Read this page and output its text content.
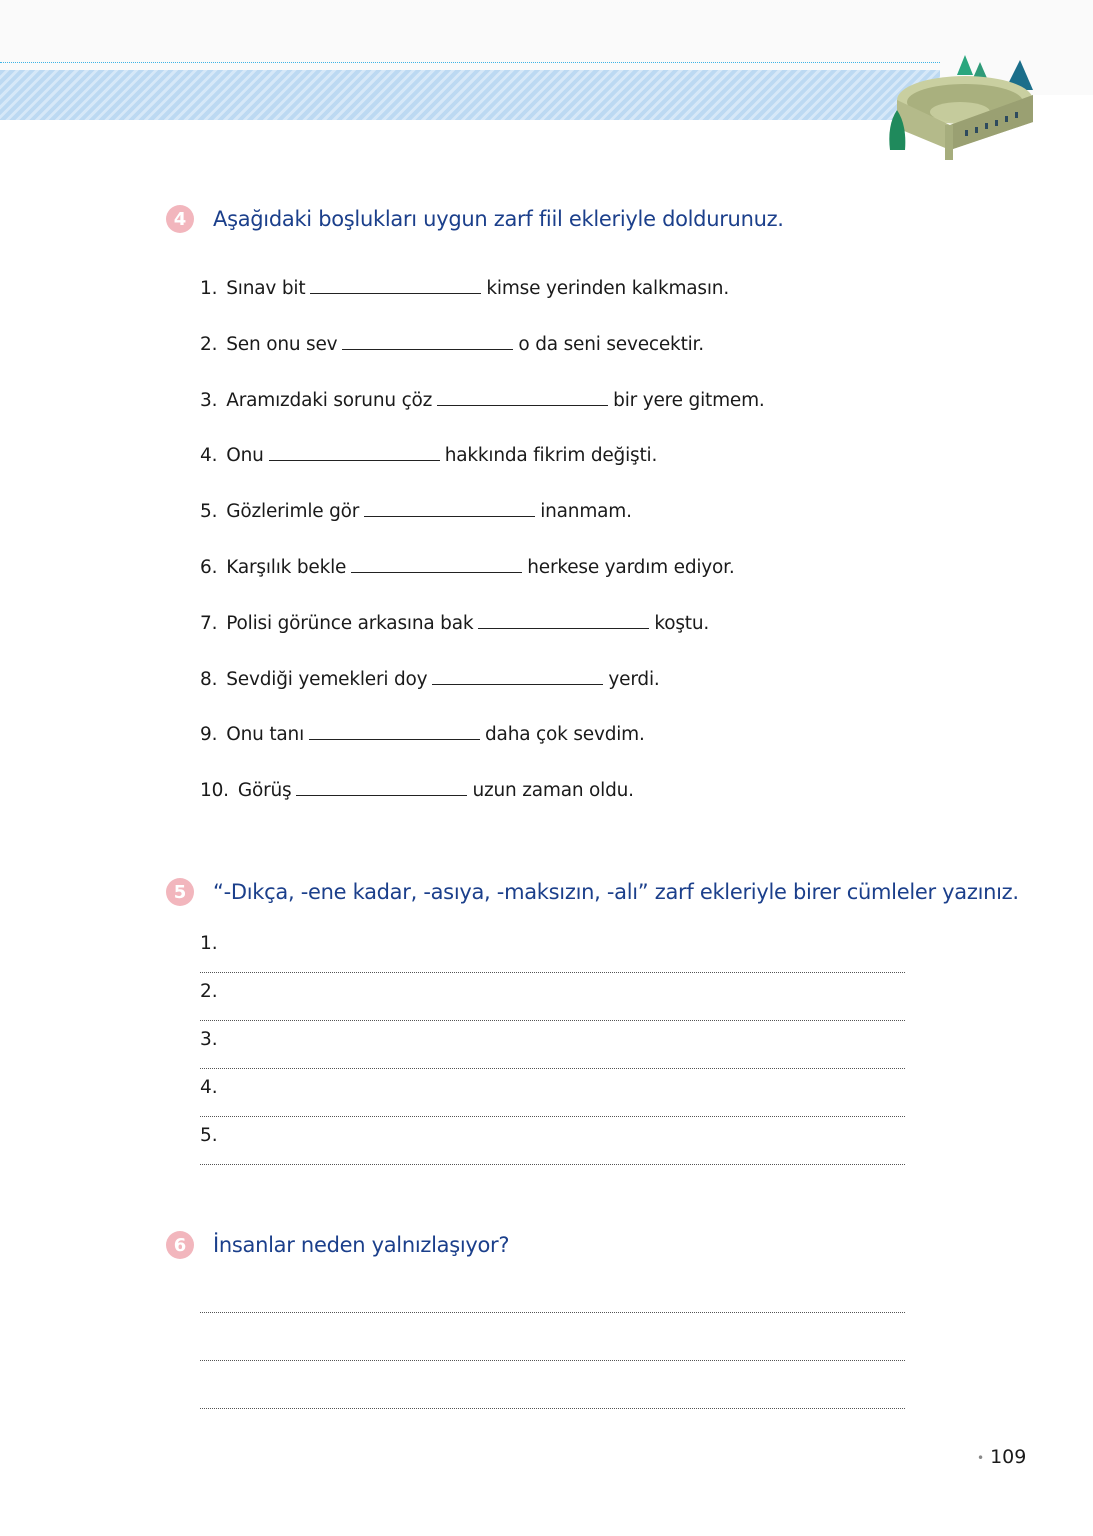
4	Aşağıdaki boşlukları uygun zarf fiil ekleriyle doldurunuz.
1. Sınav bit	kimse yerinden kalkmasın.
2. Sen onu sev	o da seni sevecektir.
3. Aramızdaki sorunu çöz	bir yere gitmem.
4. Onu	hakkında fikrim değişti.
5. Gözlerimle gör	inanmam.
6. Karşılık bekle	herkese yardım ediyor.
7. Polisi görünce arkasına bak	koştu.
8. Sevdiği yemekleri doy	yerdi.
9. Onu tanı	daha çok sevdim.
10. Görüş	uzun zaman oldu.
5	“-Dıkça, -ene kadar, -asıya, -maksızın, -alı” zarf ekleriyle birer cümleler yazınız.
1.
2.
3.
4.
5.
6	İnsanlar neden yalnızlaşıyor?
• 109
